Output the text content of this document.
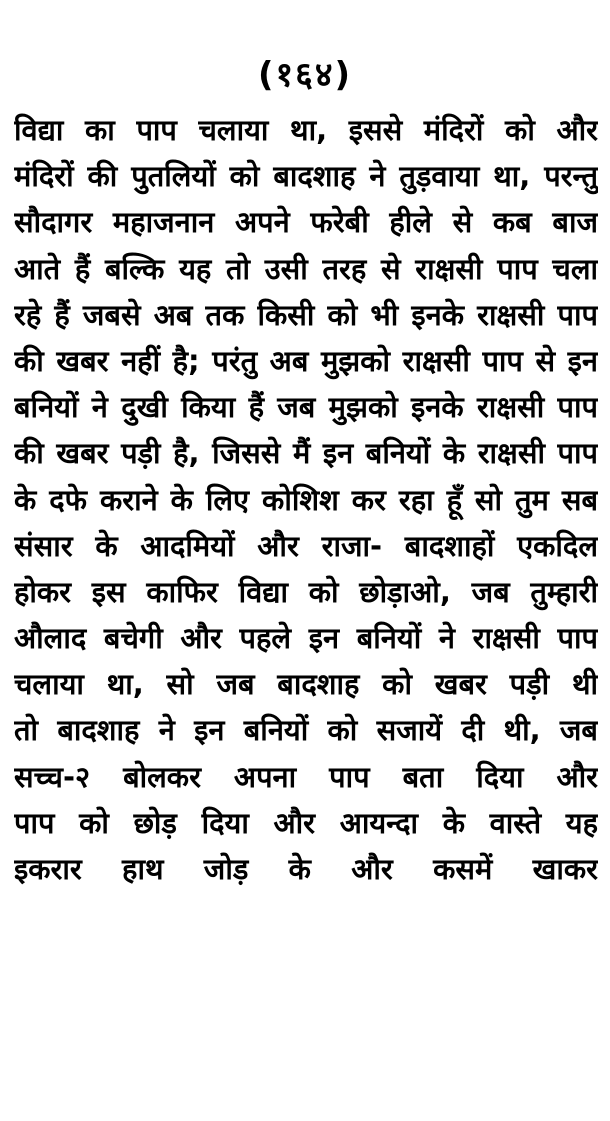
(१६४)
विद्या का पाप चलाया था, इससे मंदिरों को और
मंदिरों की पुतलियों को बादशाह ने तुड़वाया था, परन्तु
सौदागर महाजनान अपने फरेबी हीले से कब बाज
आते हैं बल्कि यह तो उसी तरह से राक्षसी पाप चला
रहे हैं जबसे अब तक किसी को भी इनके राक्षसी पाप
की खबर नहीं है; परंतु अब मुझको राक्षसी पाप से इन
बनियों ने दुखी किया हैं जब मुझको इनके राक्षसी पाप
की खबर पड़ी है, जिससे मैं इन बनियों के राक्षसी पाप
के दफे कराने के लिए कोशिश कर रहा हूँ सो तुम सब
संसार के आदमियों और राजा- बादशाहों एकदिल
होकर इस काफिर विद्या को छोड़ाओ, जब तुम्हारी
औलाद बचेगी और पहले इन बनियों ने राक्षसी पाप
चलाया था, सो जब बादशाह को खबर पड़ी थी
तो बादशाह ने इन बनियों को सजायें दी थी, जब
सच्च-२ बोलकर अपना पाप बता दिया और
पाप को छोड़ दिया और आयन्दा के वास्ते यह
इकरार हाथ जोड़ के और कसमें खाकर
